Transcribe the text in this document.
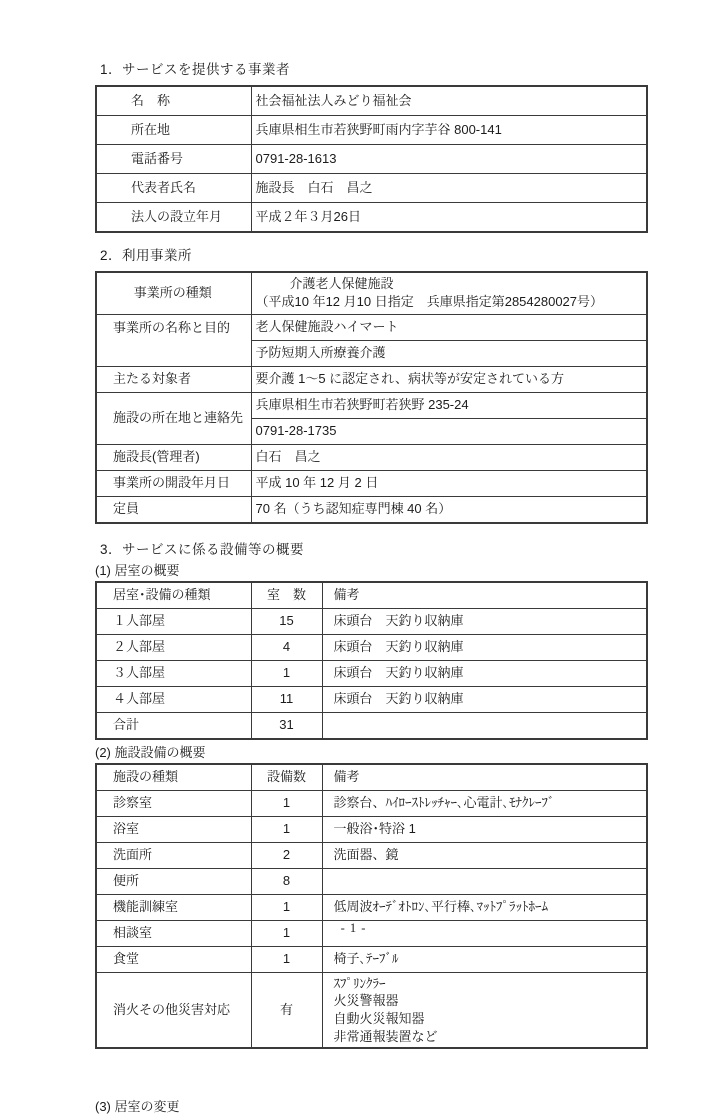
1．サービスを提供する事業者
名　称	社会福祉法人みどり福祉会
所在地	兵庫県相生市若狭野町雨内字芋谷 800-141
電話番号	0791-28-1613
代表者氏名	施設長　白石　昌之
法人の設立年月	平成２年３月26日
2．利用事業所
事業所の種類	介護老人保健施設
（平成10 年12 月10 日指定　兵庫県指定第2854280027号）

事業所の名称と目的	老人保健施設ハイマート
	予防短期入所療養介護
主たる対象者	要介護 1～5 に認定され、病状等が安定されている方
施設の所在地と連絡先	兵庫県相生市若狭野町若狭野 235-24
	0791-28-1735
施設長(管理者)	白石　昌之
事業所の開設年月日	平成 10 年 12 月 2 日
定員	70 名（うち認知症専門棟 40 名）
3．サービスに係る設備等の概要
(1) 居室の概要
居室･設備の種類	室　数	備考
１人部屋	15	床頭台　天釣り収納庫
２人部屋	4	床頭台　天釣り収納庫
３人部屋	1	床頭台　天釣り収納庫
４人部屋	11	床頭台　天釣り収納庫
合計	31	
(2) 施設設備の概要
施設の種類	設備数	備考
診察室	1	診察台、ﾊｲﾛｰｽﾄﾚｯﾁｬｰ､心電計､ﾓﾅｸﾚｰﾌﾞ
浴室	1	一般浴･特浴 1
洗面所	2	洗面器、鏡
便所	8	
機能訓練室	1	低周波ｵｰﾃﾞｵﾄﾛﾝ､平行棒､ﾏｯﾄﾌﾟﾗｯﾄﾎｰﾑ
相談室	1	
食堂	1	椅子､ﾃｰﾌﾞﾙ
消火その他災害対応	有	ｽﾌﾟﾘﾝｸﾗｰ
火災警報器
自動火災報知器
非常通報装置など
(3) 居室の変更
- 1 -
